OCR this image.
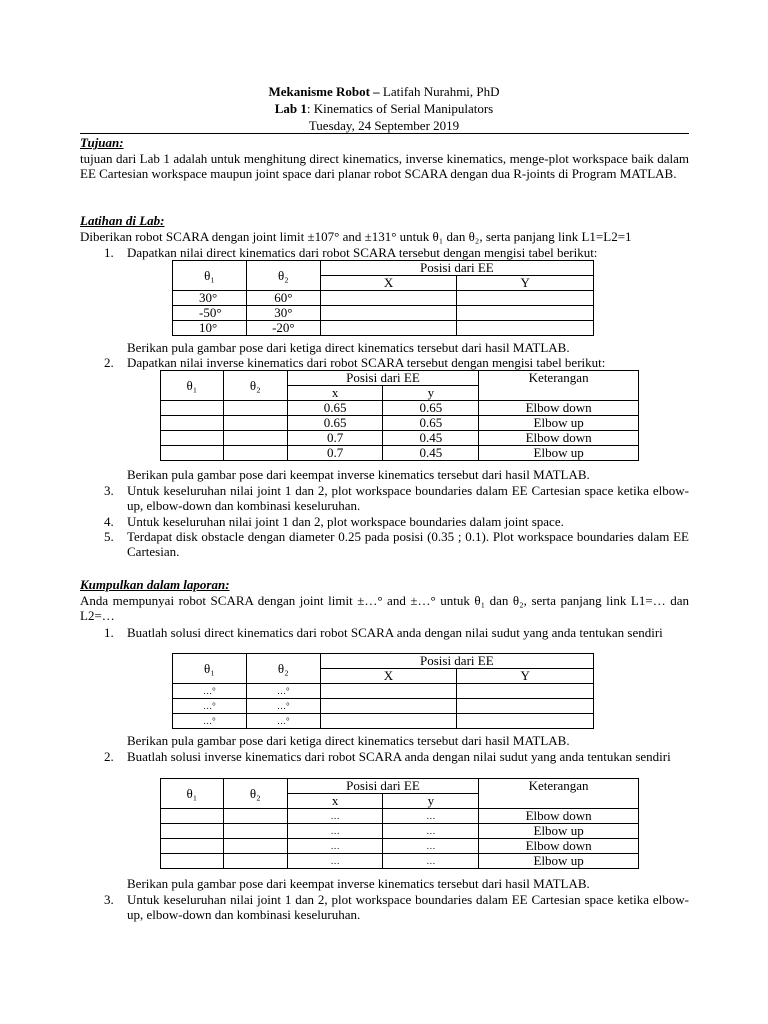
Mekanisme Robot – Latifah Nurahmi, PhD
Lab 1: Kinematics of Serial Manipulators
Tuesday, 24 September 2019
Tujuan:
tujuan dari Lab 1 adalah untuk menghitung direct kinematics, inverse kinematics, menge-plot workspace baik dalam EE Cartesian workspace maupun joint space dari planar robot SCARA dengan dua R-joints di Program MATLAB.
Latihan di Lab:
Diberikan robot SCARA dengan joint limit ±107° and ±131° untuk θ₁ dan θ₂, serta panjang link L1=L2=1
1.	Dapatkan nilai direct kinematics dari robot SCARA tersebut dengan mengisi tabel berikut:
θ₁	θ₂	Posisi dari EE	
		X	Y
30°	60°		
-50°	30°		
10°	-20°		
Berikan pula gambar pose dari ketiga direct kinematics tersebut dari hasil MATLAB.
2.	Dapatkan nilai inverse kinematics dari robot SCARA tersebut dengan mengisi tabel berikut:
θ₁	θ₂	Posisi dari EE		Keterangan
		x	y	
		0.65	0.65	Elbow down
		0.65	0.65	Elbow up
		0.7	0.45	Elbow down
		0.7	0.45	Elbow up
Berikan pula gambar pose dari keempat inverse kinematics tersebut dari hasil MATLAB.
3.	Untuk keseluruhan nilai joint 1 dan 2, plot workspace boundaries dalam EE Cartesian space ketika elbow-up, elbow-down dan kombinasi keseluruhan.
4.	Untuk keseluruhan nilai joint 1 dan 2, plot workspace boundaries dalam joint space.
5.	Terdapat disk obstacle dengan diameter 0.25 pada posisi (0.35 ; 0.1). Plot workspace boundaries dalam EE Cartesian.
Kumpulkan dalam laporan:
Anda mempunyai robot SCARA dengan joint limit ±…° and ±…° untuk θ₁ dan θ₂, serta panjang link L1=… dan L2=…
1.	Buatlah solusi direct kinematics dari robot SCARA anda dengan nilai sudut yang anda tentukan sendiri
θ₁	θ₂	Posisi dari EE	
		X	Y
…°	…°		
…°	…°		
…°	…°		
Berikan pula gambar pose dari ketiga direct kinematics tersebut dari hasil MATLAB.
2.	Buatlah solusi inverse kinematics dari robot SCARA anda dengan nilai sudut yang anda tentukan sendiri
θ₁	θ₂	Posisi dari EE		Keterangan
		x	y	
		…	…	Elbow down
		…	…	Elbow up
		…	…	Elbow down
		…	…	Elbow up
Berikan pula gambar pose dari keempat inverse kinematics tersebut dari hasil MATLAB.
3.	Untuk keseluruhan nilai joint 1 dan 2, plot workspace boundaries dalam EE Cartesian space ketika elbow-up, elbow-down dan kombinasi keseluruhan.
